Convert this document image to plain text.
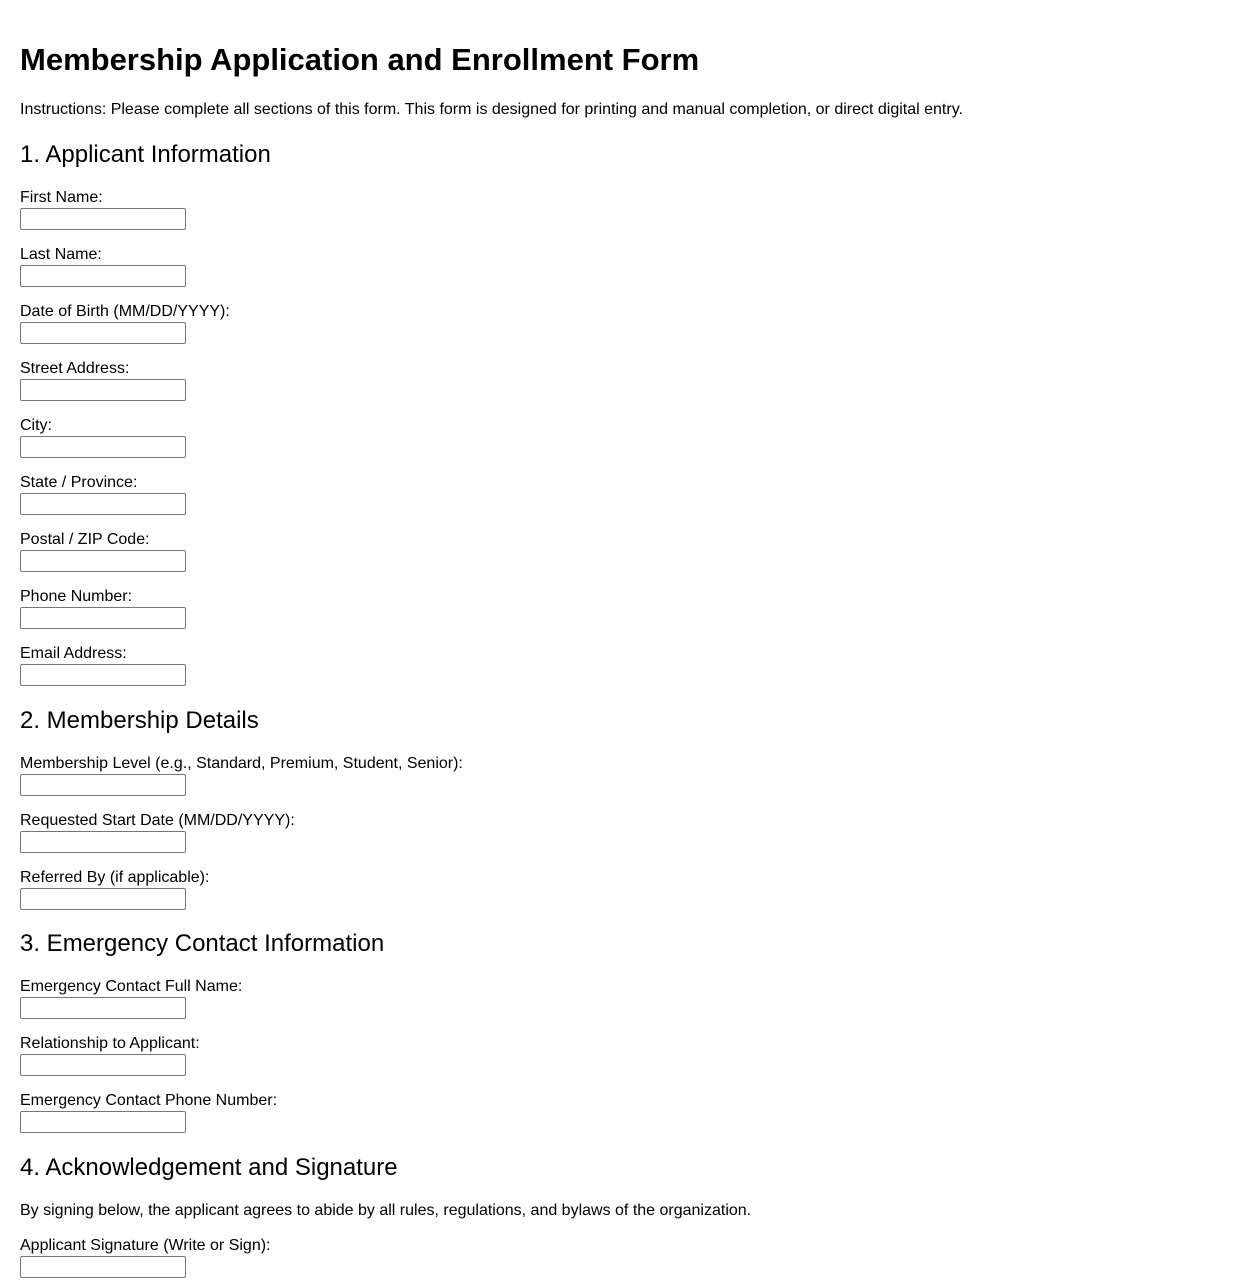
Membership Application and Enrollment Form

Instructions: Please complete all sections of this form. This form is designed for printing and manual completion, or direct digital entry.

1. Applicant Information
First Name:
Last Name:
Date of Birth (MM/DD/YYYY):
Street Address:
City:
State / Province:
Postal / ZIP Code:
Phone Number:
Email Address:
2. Membership Details
Membership Level (e.g., Standard, Premium, Student, Senior):
Requested Start Date (MM/DD/YYYY):
Referred By (if applicable):
3. Emergency Contact Information
Emergency Contact Full Name:
Relationship to Applicant:
Emergency Contact Phone Number:
4. Acknowledgement and Signature

By signing below, the applicant agrees to abide by all rules, regulations, and bylaws of the organization.

Applicant Signature (Write or Sign):
